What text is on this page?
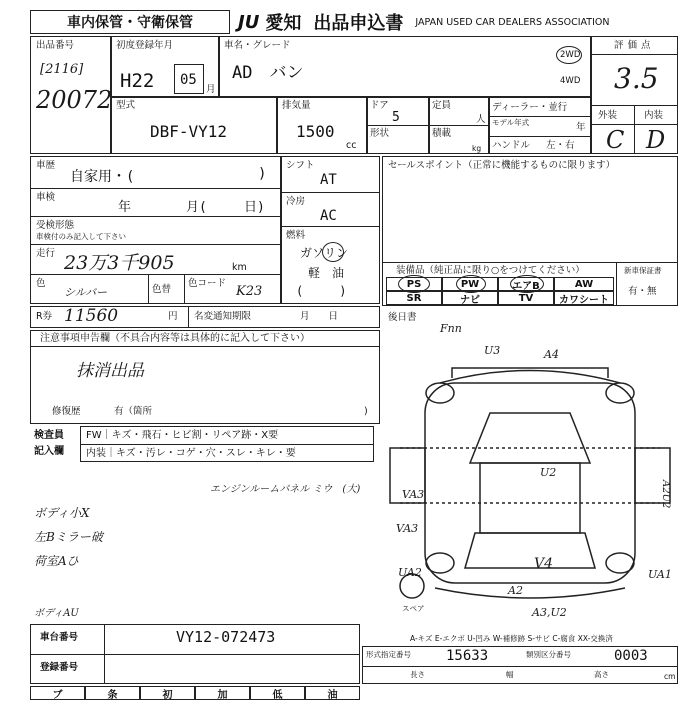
車内保管・守衛保管	JU 愛知 出品申込書 JAPAN USED CAR DEALERS ASSOCIATION
出品番号
[2116]
20072
初度登録年月
H22 05
月
車名・グレード
AD　バン
2WD
4WD
評価点
3.5
外装	内装
C D
型式
DBF-VY12
排気量
1500
cc
ドア
5
形状
定員
人
積載
kg
ディーラー・並行
モデル年式	年
ハンドル 左・右
車歴
自家用・(	)
車検
年	月(	日)
受検形態
車検付のみ記入して下さい
走行 23万3千905	km
色
シルバー	色替
色コード
K23
シフト
AT
冷房
AC
燃料
ガソリン
軽　油
(　　　)
セールスポイント（正常に機能するものに限ります）
装備品（純正品に限り○をつけてください）	新車保証書
有・無
PS	PW	エアB	AW
SR	ナビ	TV	カワシート
R券 11560	円 名変通知期限	月　　日	後日書
Fnn
注意事項申告欄（不具合内容等は具体的に記入して下さい）
抹消出品
修復歴	有（箇所	)
検査員
記入欄
FW｜キズ・飛石・ヒビ割・リペア跡・X要
内装｜キズ・汚レ・コゲ・穴・スレ・キレ・要
エンジンルームパネル ミウ　(大)
ボディ小X
左Bミラー破
荷室Aひ
ボディAU
U3	A4
U2
VA3
VA3
V4
UA2
A2
A3,U2
A2U2
UA1
スペア
A-キズ E-エクボ U-凹み W-補修跡 S-サビ C-腐食 XX-交換済
車台番号	VY12-072473
登録番号
形式指定番号	15633	類別区分番号	0003
長さ	幅	高さ	cm
ブ	条	初	加	低	油
